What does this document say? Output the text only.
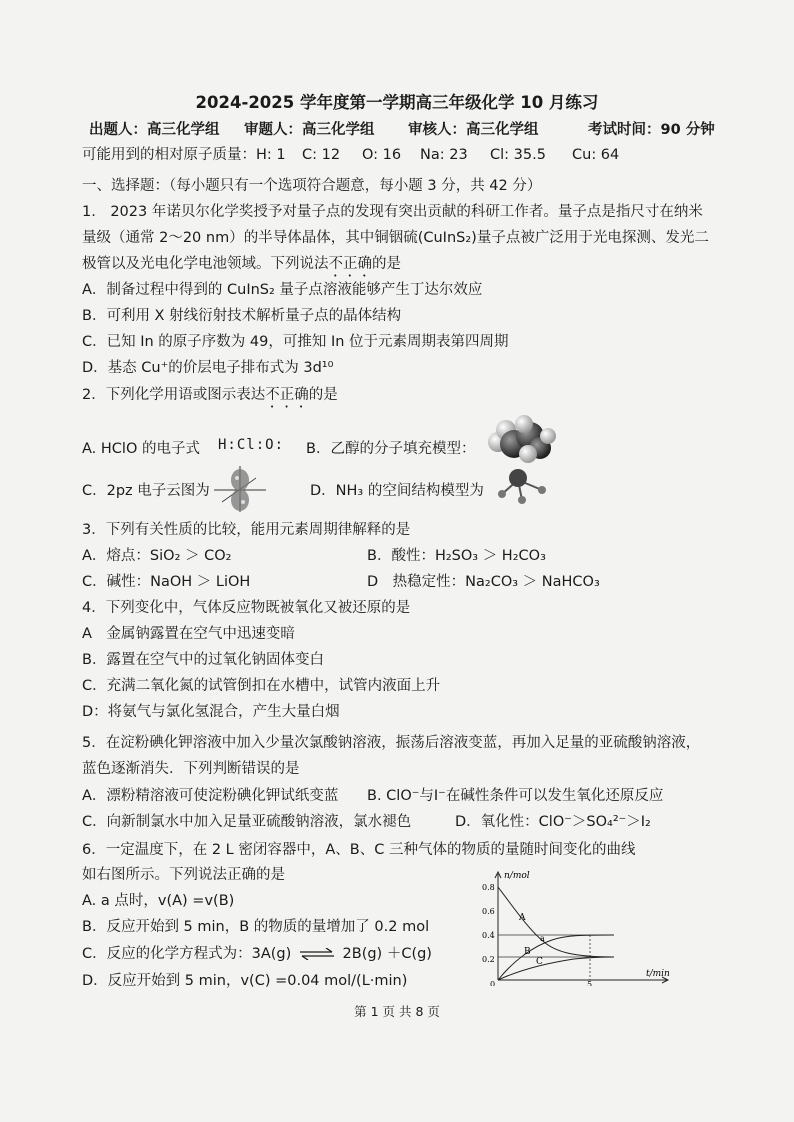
2024-2025 学年度第一学期高三年级化学 10 月练习
出题人：高三化学组 审题人：高三化学组 审核人：高三化学组	考试时间：90 分钟
可能用到的相对原子质量：H: 1 C: 12 O: 16 Na: 23 Cl: 35.5 Cu: 64
一、选择题：（每小题只有一个选项符合题意，每小题 3 分，共 42 分）
1.　2023 年诺贝尔化学奖授予对量子点的发现有突出贡献的科研工作者。量子点是指尺寸在纳米
量级（通常 2～20 nm）的半导体晶体，其中铜铟硫(CuInS₂)量子点被广泛用于光电探测、发光二
极管以及光电化学电池领域。下列说法不正确的是
A．制备过程中得到的 CuInS₂ 量子点溶液能够产生丁达尔效应
B．可利用 X 射线衍射技术解析量子点的晶体结构
C．已知 In 的原子序数为 49，可推知 In 位于元素周期表第四周期
D．基态 Cu⁺的价层电子排布式为 3d¹⁰
2．下列化学用语或图示表达不正确的是
A. HClO 的电子式 H:Cl:O: B．乙醇的分子填充模型：
C．2pz 电子云图为	D．NH₃ 的空间结构模型为
3．下列有关性质的比较，能用元素周期律解释的是
A．熔点：SiO₂ ＞ CO₂	B．酸性：H₂SO₃ ＞ H₂CO₃
C．碱性：NaOH ＞ LiOH	D　热稳定性：Na₂CO₃ ＞ NaHCO₃
4．下列变化中，气体反应物既被氧化又被还原的是
A　金属钠露置在空气中迅速变暗
B．露置在空气中的过氧化钠固体变白
C．充满二氧化氮的试管倒扣在水槽中，试管内液面上升
D：将氨气与氯化氢混合，产生大量白烟
5．在淀粉碘化钾溶液中加入少量次氯酸钠溶液，振荡后溶液变蓝，再加入足量的亚硫酸钠溶液，
蓝色逐渐消失．下列判断错误的是
A．漂粉精溶液可使淀粉碘化钾试纸变蓝 B. ClO⁻与I⁻在碱性条件可以发生氧化还原反应
C．向新制氯水中加入足量亚硫酸钠溶液，氯水褪色	D．氧化性：ClO⁻＞SO₄²⁻＞I₂
6．一定温度下，在 2 L 密闭容器中，A、B、C 三种气体的物质的量随时间变化的曲线
如右图所示。下列说法正确的是
A. a 点时，v(A) =v(B)
B．反应开始到 5 min，B 的物质的量增加了 0.2 mol
C．反应的化学方程式为：3A(g) ⇌ 2B(g) ＋C(g)
D．反应开始到 5 min，v(C) =0.04 mol/(L·min)
n/mol
t/min
0.8
0.6
0.4
0.2
0	5
A
B
C
a
第 1 页 共 8 页
